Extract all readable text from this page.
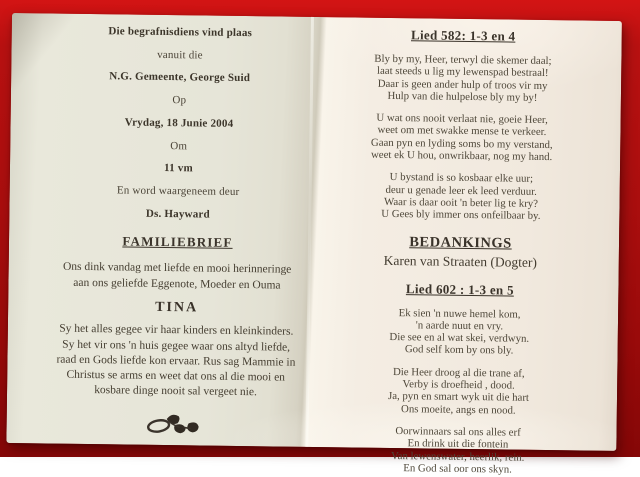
Die begrafnisdiens vind plaas
vanuit die
N.G. Gemeente, George Suid
Op
Vrydag, 18 Junie 2004
Om
11 vm
En word waargeneem deur
Ds. Hayward
FAMILIEBRIEF
Ons dink vandag met liefde en mooi herinneringe
aan ons geliefde Eggenote, Moeder en Ouma
TINA
Sy het alles gegee vir haar kinders en kleinkinders.
Sy het vir ons 'n huis gegee waar ons altyd liefde,
raad en Gods liefde kon ervaar. Rus sag Mammie in
Christus se arms en weet dat ons al die mooi en
kosbare dinge nooit sal vergeet nie.
Lied 582: 1-3 en 4
Bly by my, Heer, terwyl die skemer daal;
laat steeds u lig my lewenspad bestraal!
Daar is geen ander hulp of troos vir my
Hulp van die hulpelose bly my by!
U wat ons nooit verlaat nie, goeie Heer,
weet om met swakke mense te verkeer.
Gaan pyn en lyding soms bo my verstand,
weet ek U hou, onwrikbaar, nog my hand.
U bystand is so kosbaar elke uur;
deur u genade leer ek leed verduur.
Waar is daar ooit 'n beter lig te kry?
U Gees bly immer ons onfeilbaar by.
BEDANKINGS
Karen van Straaten (Dogter)
Lied 602 : 1-3 en 5
Ek sien 'n nuwe hemel kom,
'n aarde nuut en vry.
Die see en al wat skei, verdwyn.
God self kom by ons bly.
Die Heer droog al die trane af,
Verby is droefheid , dood.
Ja, pyn en smart wyk uit die hart
Ons moeite, angs en nood.
Oorwinnaars sal ons alles erf
En drink uit die fontein
Van lewenswater, heerlik, rein.
En God sal oor ons skyn.
